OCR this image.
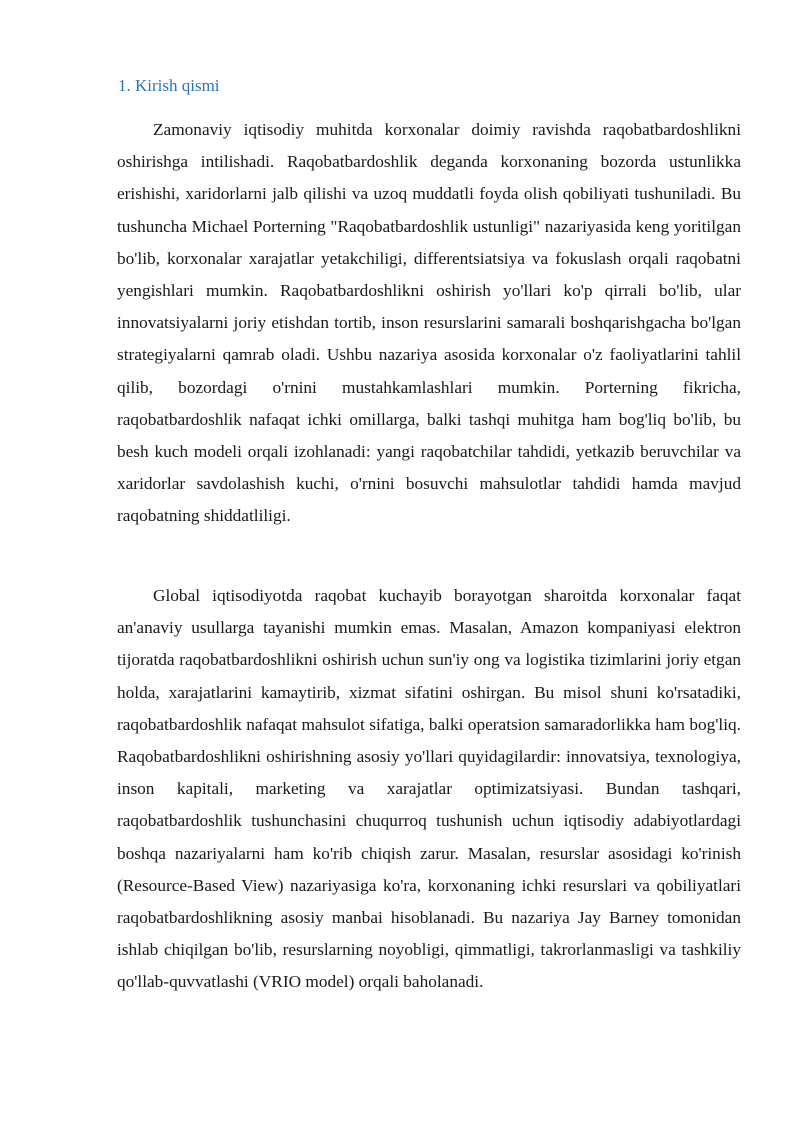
1. Kirish qismi

Zamonaviy iqtisodiy muhitda korxonalar doimiy ravishda raqobatbardoshlikni oshirishga intilishadi. Raqobatbardoshlik deganda korxonaning bozorda ustunlikka erishishi, xaridorlarni jalb qilishi va uzoq muddatli foyda olish qobiliyati tushuniladi. Bu tushuncha Michael Porterning "Raqobatbardoshlik ustunligi" nazariyasida keng yoritilgan bo'lib, korxonalar xarajatlar yetakchiligi, differentsiatsiya va fokuslash orqali raqobatni yengishlari mumkin. Raqobatbardoshlikni oshirish yo'llari ko'p qirrali bo'lib, ular innovatsiyalarni joriy etishdan tortib, inson resurslarini samarali boshqarishgacha bo'lgan strategiyalarni qamrab oladi. Ushbu nazariya asosida korxonalar o'z faoliyatlarini tahlil qilib, bozordagi o'rnini mustahkamlashlari mumkin. Porterning fikricha, raqobatbardoshlik nafaqat ichki omillarga, balki tashqi muhitga ham bog'liq bo'lib, bu besh kuch modeli orqali izohlanadi: yangi raqobatchilar tahdidi, yetkazib beruvchilar va xaridorlar savdolashish kuchi, o'rnini bosuvchi mahsulotlar tahdidi hamda mavjud raqobatning shiddatliligi.

Global iqtisodiyotda raqobat kuchayib borayotgan sharoitda korxonalar faqat an'anaviy usullarga tayanishi mumkin emas. Masalan, Amazon kompaniyasi elektron tijoratda raqobatbardoshlikni oshirish uchun sun'iy ong va logistika tizimlarini joriy etgan holda, xarajatlarini kamaytirib, xizmat sifatini oshirgan. Bu misol shuni ko'rsatadiki, raqobatbardoshlik nafaqat mahsulot sifatiga, balki operatsion samaradorlikka ham bog'liq. Raqobatbardoshlikni oshirishning asosiy yo'llari quyidagilardir: innovatsiya, texnologiya, inson kapitali, marketing va xarajatlar optimizatsiyasi. Bundan tashqari, raqobatbardoshlik tushunchasini chuqurroq tushunish uchun iqtisodiy adabiyotlardagi boshqa nazariyalarni ham ko'rib chiqish zarur. Masalan, resurslar asosidagi ko'rinish (Resource-Based View) nazariyasiga ko'ra, korxonaning ichki resurslari va qobiliyatlari raqobatbardoshlikning asosiy manbai hisoblanadi. Bu nazariya Jay Barney tomonidan ishlab chiqilgan bo'lib, resurslarning noyobligi, qimmatligi, takrorlanmasligi va tashkiliy qo'llab-quvvatlashi (VRIO model) orqali baholanadi.
